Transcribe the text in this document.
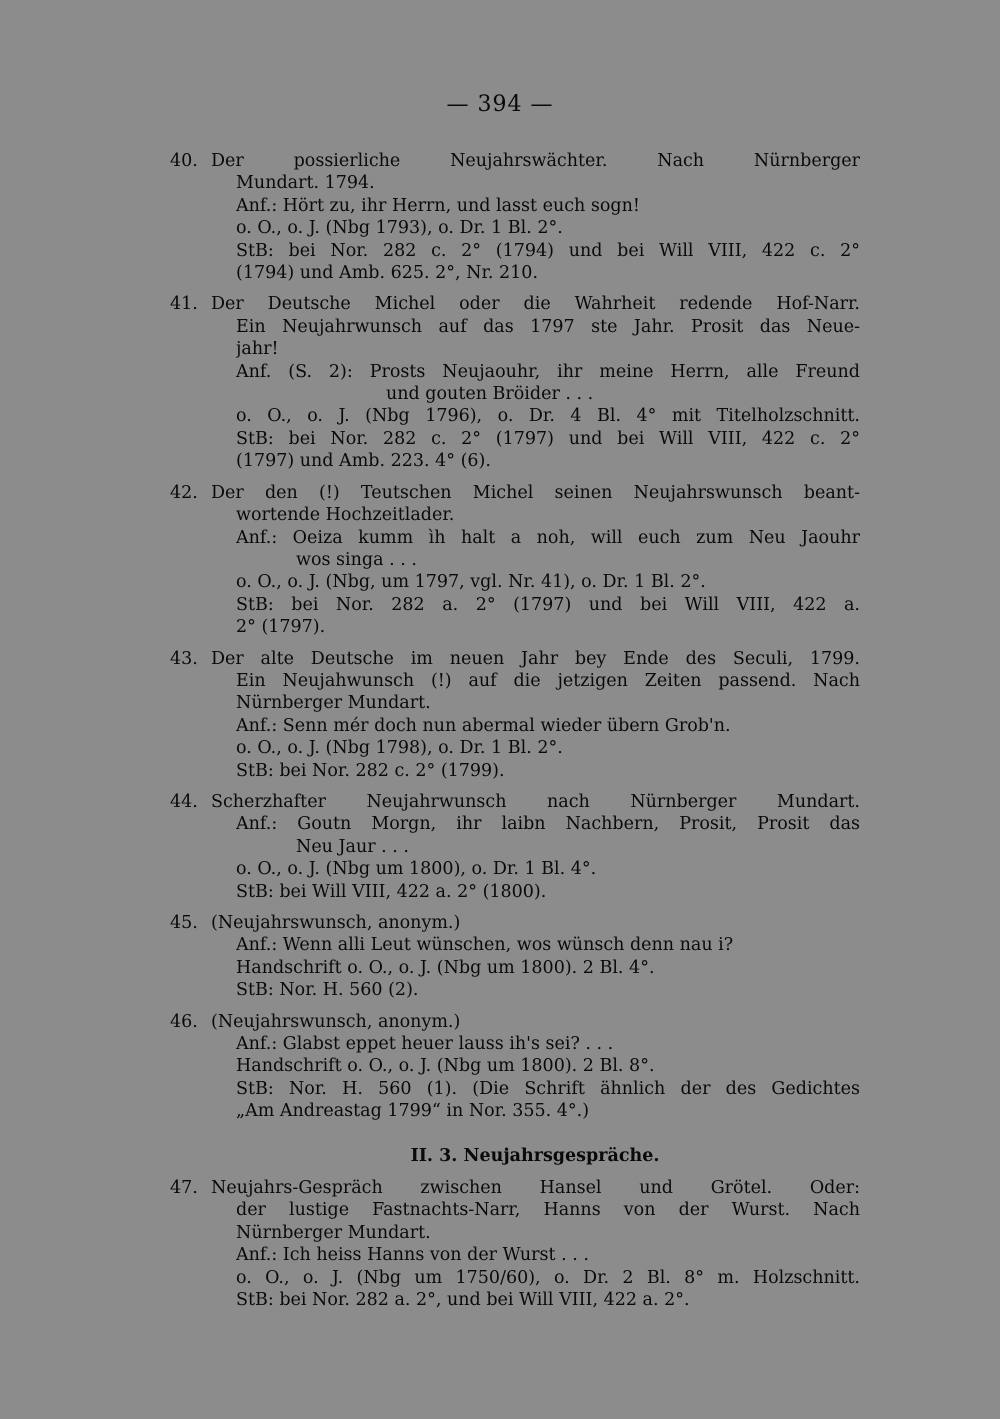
— 394 —
40. Der possierliche Neujahrswächter. Nach Nürnberger
Mundart. 1794.
Anf.: Hört zu, ihr Herrn, und lasst euch sogn!
o. O., o. J. (Nbg 1793), o. Dr. 1 Bl. 2°.
StB: bei Nor. 282 c. 2° (1794) und bei Will VIII, 422 c. 2°
(1794) und Amb. 625. 2°, Nr. 210.
41. Der Deutsche Michel oder die Wahrheit redende Hof-Narr.
Ein Neujahrwunsch auf das 1797 ste Jahr. Prosit das Neue-
jahr!
Anf. (S. 2): Prosts Neujaouhr, ihr meine Herrn, alle Freund
und gouten Bröider . . .
o. O., o. J. (Nbg 1796), o. Dr. 4 Bl. 4° mit Titelholzschnitt.
StB: bei Nor. 282 c. 2° (1797) und bei Will VIII, 422 c. 2°
(1797) und Amb. 223. 4° (6).
42. Der den (!) Teutschen Michel seinen Neujahrswunsch beant-
wortende Hochzeitlader.
Anf.: Oeiza kumm ìh halt a noh, will euch zum Neu Jaouhr
wos singa . . .
o. O., o. J. (Nbg, um 1797, vgl. Nr. 41), o. Dr. 1 Bl. 2°.
StB: bei Nor. 282 a. 2° (1797) und bei Will VIII, 422 a.
2° (1797).
43. Der alte Deutsche im neuen Jahr bey Ende des Seculi, 1799.
Ein Neujahwunsch (!) auf die jetzigen Zeiten passend. Nach
Nürnberger Mundart.
Anf.: Senn mér doch nun abermal wieder übern Grob'n.
o. O., o. J. (Nbg 1798), o. Dr. 1 Bl. 2°.
StB: bei Nor. 282 c. 2° (1799).
44. Scherzhafter Neujahrwunsch nach Nürnberger Mundart.
Anf.: Goutn Morgn, ihr laibn Nachbern, Prosit, Prosit das
Neu Jaur . . .
o. O., o. J. (Nbg um 1800), o. Dr. 1 Bl. 4°.
StB: bei Will VIII, 422 a. 2° (1800).
45. (Neujahrswunsch, anonym.)
Anf.: Wenn alli Leut wünschen, wos wünsch denn nau i?
Handschrift o. O., o. J. (Nbg um 1800). 2 Bl. 4°.
StB: Nor. H. 560 (2).
46. (Neujahrswunsch, anonym.)
Anf.: Glabst eppet heuer lauss ih's sei? . . .
Handschrift o. O., o. J. (Nbg um 1800). 2 Bl. 8°.
StB: Nor. H. 560 (1). (Die Schrift ähnlich der des Gedichtes
„Am Andreastag 1799“ in Nor. 355. 4°.)
II. 3. Neujahrsgespräche.
47. Neujahrs-Gespräch zwischen Hansel und Grötel. Oder:
der lustige Fastnachts-Narr, Hanns von der Wurst. Nach
Nürnberger Mundart.
Anf.: Ich heiss Hanns von der Wurst . . .
o. O., o. J. (Nbg um 1750/60), o. Dr. 2 Bl. 8° m. Holzschnitt.
StB: bei Nor. 282 a. 2°, und bei Will VIII, 422 a. 2°.
